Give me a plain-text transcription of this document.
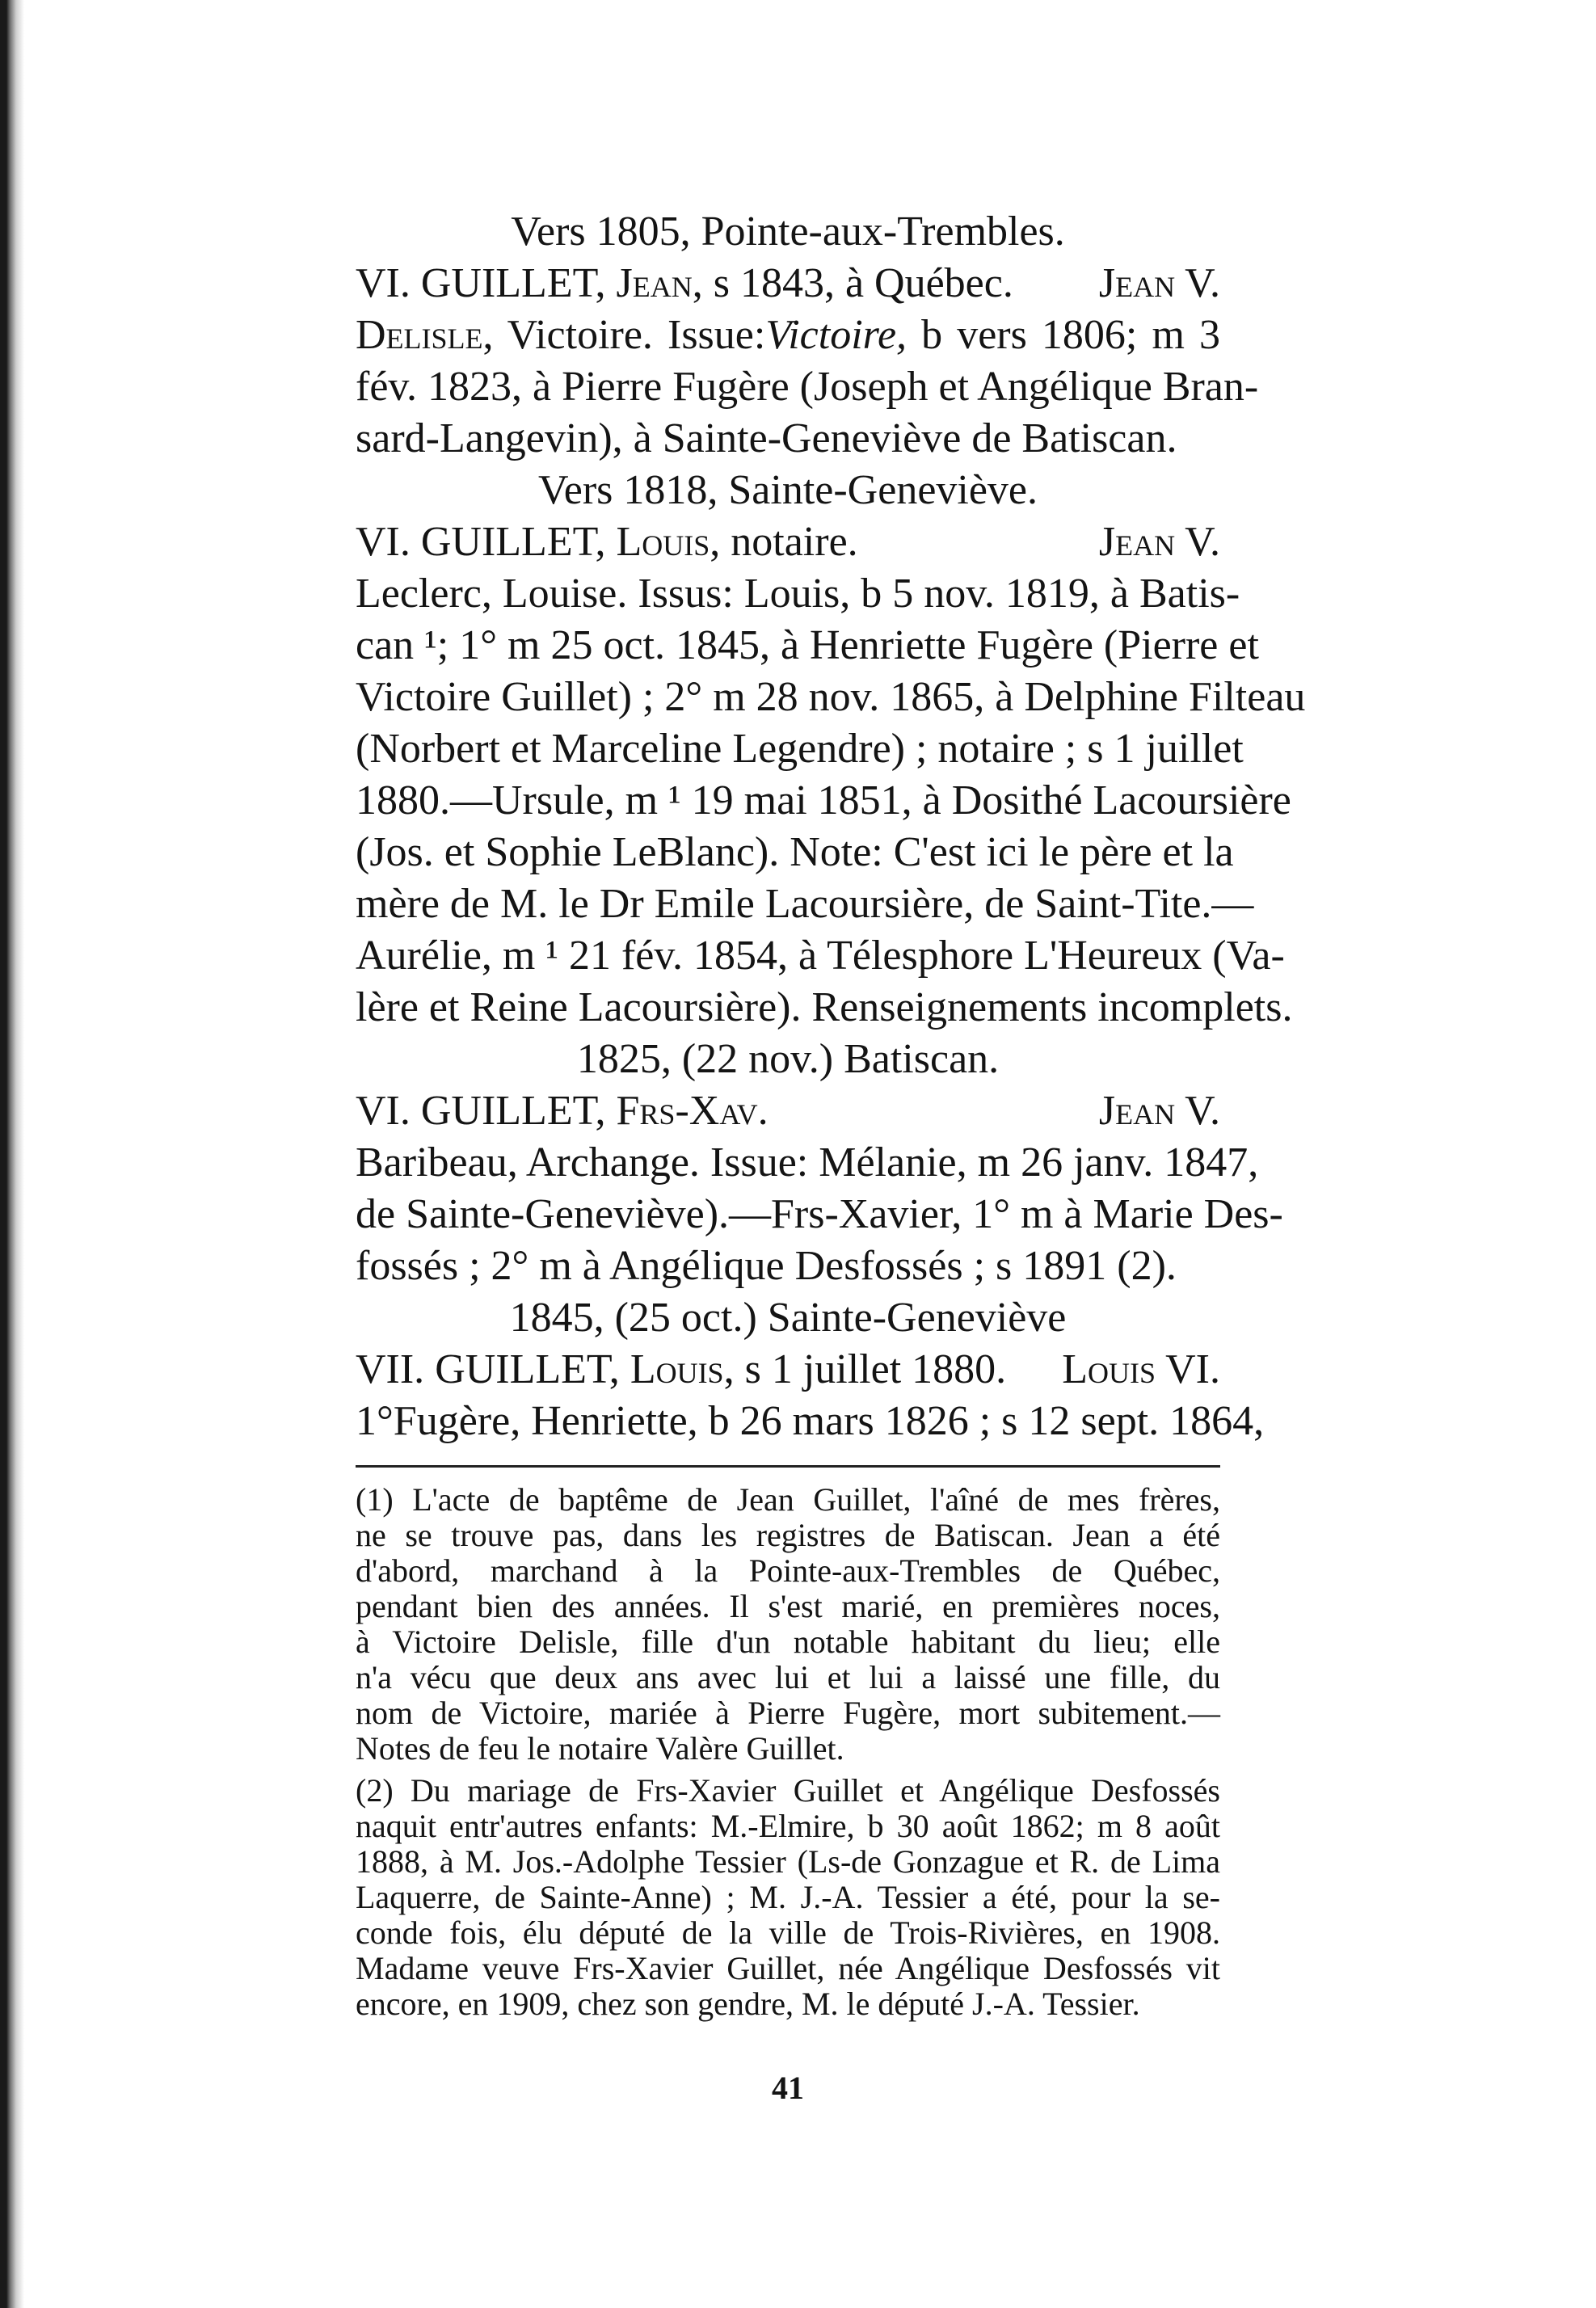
Vers 1805, Pointe-aux-Trembles.
VI. GUILLET, Jean, s 1843, à Québec. Jean V.
Delisle, Victoire. Issue:Victoire, b vers 1806; m 3
fév. 1823, à Pierre Fugère (Joseph et Angélique Bran-
sard-Langevin), à Sainte-Geneviève de Batiscan.
Vers 1818, Sainte-Geneviève.
VI. GUILLET, Louis, notaire.	Jean V.
Leclerc, Louise. Issus: Louis, b 5 nov. 1819, à Batis-
can ¹; 1° m 25 oct. 1845, à Henriette Fugère (Pierre et
Victoire Guillet) ; 2° m 28 nov. 1865, à Delphine Filteau
(Norbert et Marceline Legendre) ; notaire ; s 1 juillet
1880.—Ursule, m ¹ 19 mai 1851, à Dosithé Lacoursière
(Jos. et Sophie LeBlanc). Note: C'est ici le père et la
mère de M. le Dr Emile Lacoursière, de Saint-Tite.—
Aurélie, m ¹ 21 fév. 1854, à Télesphore L'Heureux (Va-
lère et Reine Lacoursière). Renseignements incomplets.
1825, (22 nov.) Batiscan.
VI. GUILLET, Frs-Xav.	Jean V.
Baribeau, Archange. Issue: Mélanie, m 26 janv. 1847,
de Sainte-Geneviève).—Frs-Xavier, 1° m à Marie Des-
fossés ; 2° m à Angélique Desfossés ; s 1891 (2).
1845, (25 oct.) Sainte-Geneviève
VII. GUILLET, Louis, s 1 juillet 1880. Louis VI.
1°Fugère, Henriette, b 26 mars 1826 ; s 12 sept. 1864,
(1) L'acte de baptême de Jean Guillet, l'aîné de mes frères,
ne se trouve pas, dans les registres de Batiscan. Jean a été
d'abord, marchand à la Pointe-aux-Trembles de Québec,
pendant bien des années. Il s'est marié, en premières noces,
à Victoire Delisle, fille d'un notable habitant du lieu; elle
n'a vécu que deux ans avec lui et lui a laissé une fille, du
nom de Victoire, mariée à Pierre Fugère, mort subitement.—
Notes de feu le notaire Valère Guillet.
(2) Du mariage de Frs-Xavier Guillet et Angélique Desfossés
naquit entr'autres enfants: M.-Elmire, b 30 août 1862; m 8 août
1888, à M. Jos.-Adolphe Tessier (Ls-de Gonzague et R. de Lima
Laquerre, de Sainte-Anne) ; M. J.-A. Tessier a été, pour la se-
conde fois, élu député de la ville de Trois-Rivières, en 1908.
Madame veuve Frs-Xavier Guillet, née Angélique Desfossés vit
encore, en 1909, chez son gendre, M. le député J.-A. Tessier.
41
